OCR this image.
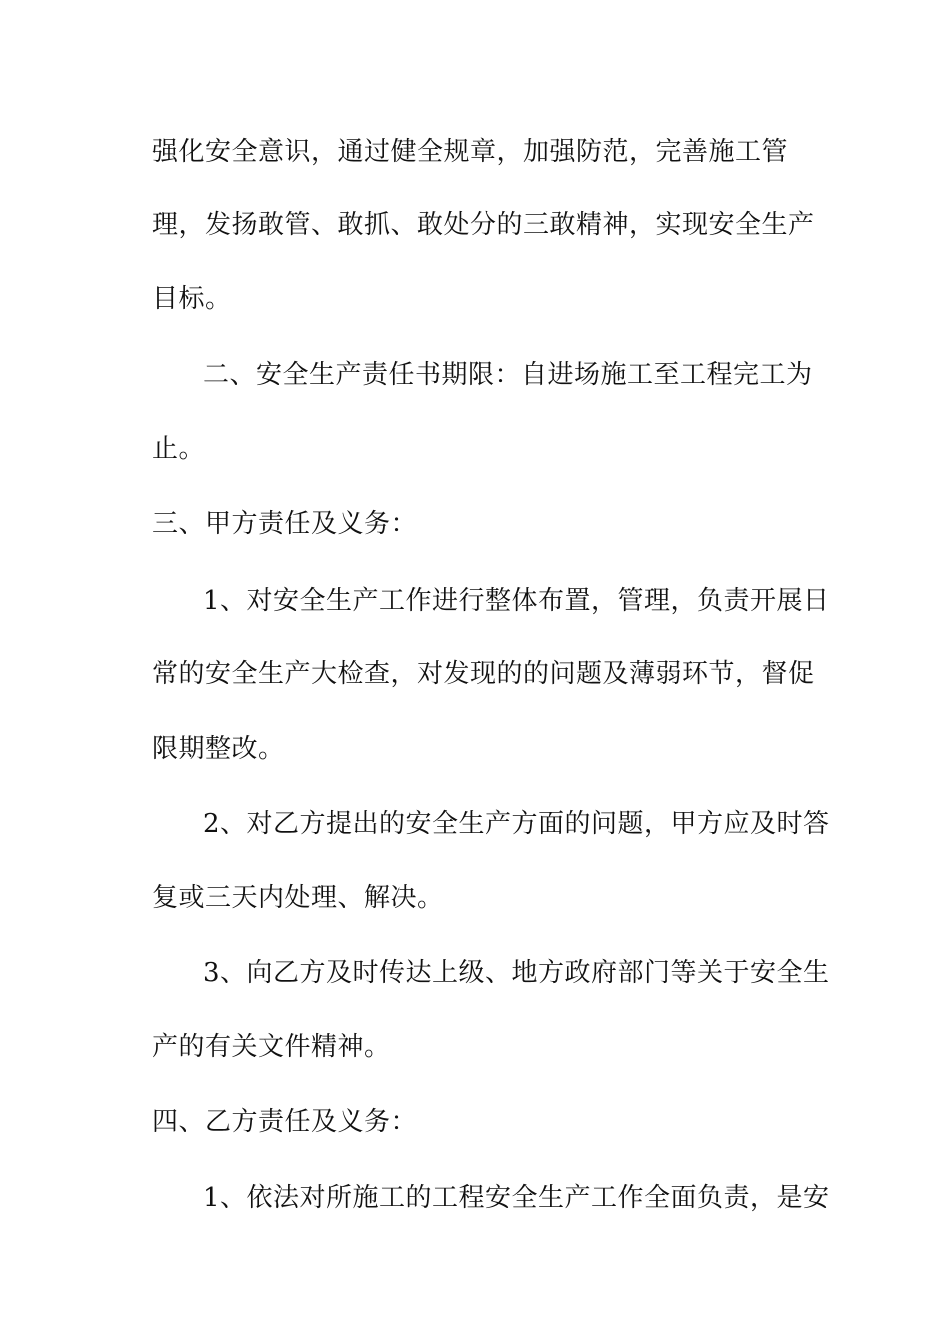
强化安全意识，通过健全规章，加强防范，完善施工管
理，发扬敢管、敢抓、敢处分的三敢精神，实现安全生产
目标。
二、安全生产责任书期限：自进场施工至工程完工为
止。
三、甲方责任及义务：
1、对安全生产工作进行整体布置，管理，负责开展日
常的安全生产大检查，对发现的的问题及薄弱环节，督促
限期整改。
2、对乙方提出的安全生产方面的问题，甲方应及时答
复或三天内处理、解决。
3、向乙方及时传达上级、地方政府部门等关于安全生
产的有关文件精神。
四、乙方责任及义务：
1、依法对所施工的工程安全生产工作全面负责，是安
